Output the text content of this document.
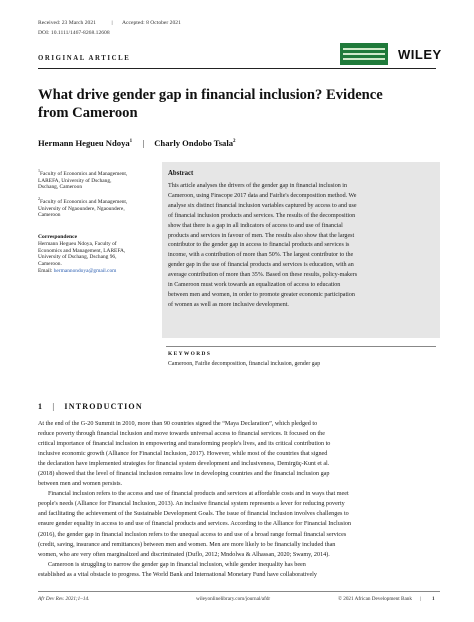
Received: 23 March 2021	|	Accepted: 8 October 2021
DOI: 10.1111/1467-8268.12608
WILEY
ORIGINAL ARTICLE
What drive gender gap in financial inclusion? Evidence
from Cameroon
Hermann Hegueu Ndoya$^1$ | Charly Ondobo Tsala$^2$
$^1$Faculty of Economics and Management,
LAREFA, University of Dschang,
Dschang, Cameroon
$^2$Faculty of Economics and Management,
University of Ngaoundere, Ngaoundere,
Cameroon
Correspondence
Hermann Hegueu Ndoya, Faculty of
Economics and Management, LAREFA,
University of Dschang, Dschang 96,
Cameroon.
Email: hermannondoya@gmail.com
Abstract
This article analyses the drivers of the gender gap in financial inclusion in
Cameroon, using Finscope 2017 data and Fairlie's decomposition method. We
analyse six distinct financial inclusion variables captured by access to and use
of financial inclusion products and services. The results of the decomposition
show that there is a gap in all indicators of access to and use of financial
products and services in favour of men. The results also show that the largest
contributor to the gender gap in access to financial products and services is
income, with a contribution of more than 50%. The largest contributor to the
gender gap in the use of financial products and services is education, with an
average contribution of more than 35%. Based on these results, policy-makers
in Cameroon must work towards an equalization of access to education
between men and women, in order to promote greater economic participation
of women as well as more inclusive development.
KEYWORDS
Cameroon, Fairlie decomposition, financial inclusion, gender gap
1 | INTRODUCTION
At the end of the G-20 Summit in 2010, more than 90 countries signed the “Maya Declaration”, which pledged to
reduce poverty through financial inclusion and move towards universal access to financial services. It focused on the
critical importance of financial inclusion in empowering and transforming people's lives, and its critical contribution to
inclusive economic growth (Alliance for Financial Inclusion, 2017). However, while most of the countries that signed
the declaration have implemented strategies for financial system development and inclusiveness, Demirgüç-Kunt et al.
(2018) showed that the level of financial inclusion remains low in developing countries and the financial inclusion gap
between men and women persists.
Financial inclusion refers to the access and use of financial products and services at affordable costs and in ways that meet
people's needs (Alliance for Financial Inclusion, 2013). An inclusive financial system represents a lever for reducing poverty
and facilitating the achievement of the Sustainable Development Goals. The issue of financial inclusion involves challenges to
ensure gender equality in access to and use of financial products and services. According to the Alliance for Financial Inclusion
(2016), the gender gap in financial inclusion refers to the unequal access to and use of a broad range formal financial services
(credit, saving, insurance and remittances) between men and women. Men are more likely to be financially included than
women, who are very often marginalized and discriminated (Duflo, 2012; Mndolwa & Alhassan, 2020; Swamy, 2014).
Cameroon is struggling to narrow the gender gap in financial inclusion, while gender inequality has been
established as a vital obstacle to progress. The World Bank and International Monetary Fund have collaboratively
Afr Dev Rev. 2021;1–14.	wileyonlinelibrary.com/journal/afdr	© 2021 African Development Bank | 1
